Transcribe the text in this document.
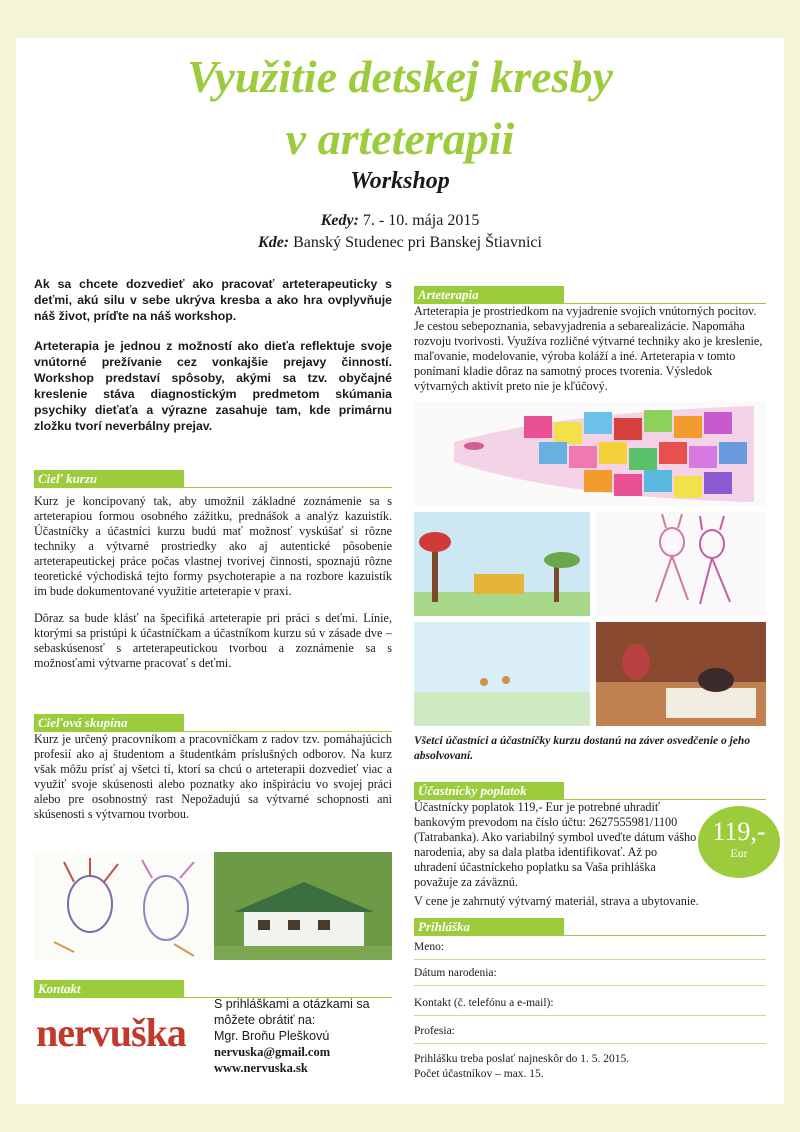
Využitie detskej kresby
v arteterapii
Workshop
Kedy: 7. - 10. mája 2015
Kde: Banský Studenec pri Banskej Štiavnici

Ak sa chcete dozvedieť ako pracovať arteterapeuticky s deťmi, akú silu v sebe ukrýva kresba a ako hra ovplyvňuje náš život, príďte na náš workshop.

Arteterapia je jednou z možností ako dieťa reflektuje svoje vnútorné prežívanie cez vonkajšie prejavy činností. Workshop predstaví spôsoby, akými sa tzv. obyčajné kreslenie stáva diagnostickým predmetom skúmania psychiky dieťaťa a výrazne zasahuje tam, kde primárnu zložku tvorí neverbálny prejav.

Cieľ kurzu

Kurz je koncipovaný tak, aby umožnil základné zoznámenie sa s arteterapiou formou osobného zážitku, prednášok a analýz kazuistík. Účastníčky a účastníci kurzu budú mať možnosť vyskúšať si rôzne techniky a výtvarné prostriedky ako aj autentické pôsobenie arteterapeutickej práce počas vlastnej tvorivej činnosti, spoznajú rôzne teoretické východiská tejto formy psychoterapie a na rozbore kazuistík im bude dokumentované využitie arteterapie v praxi.

Dôraz sa bude klásť na špecifiká arteterapie pri práci s deťmi. Línie, ktorými sa pristúpi k účastníčkam a účastníkom kurzu sú v zásade dve – sebaskúsenosť s arteterapeutickou tvorbou a zoznámenie sa s možnosťami výtvarne pracovať s deťmi.

Cieľová skupina

Kurz je určený pracovníkom a pracovníčkam z radov tzv. pomáhajúcich profesií ako aj študentom a študentkám príslušných odborov. Na kurz však môžu prísť aj všetci tí, ktorí sa chcú o arteterapii dozvedieť viac a využiť svoje skúsenosti alebo poznatky ako inšpiráciu vo svojej práci alebo pre osobnostný rast Nepožadujú sa výtvarné schopnosti ani skúsenosti s výtvarnou tvorbou.

Kontakt
nervuška
S prihláškami a otázkami sa
môžete obrátiť na:
Mgr. Broňu Pleškovú
nervuska@gmail.com
www.nervuska.sk
Arteterapia

Arteterapia je prostriedkom na vyjadrenie svojich vnútorných pocitov. Je cestou sebepoznania, sebavyjadrenia a sebarealizácie. Napomáha rozvoju tvorivosti. Využíva rozličné výtvarné techniky ako je kreslenie, maľovanie, modelovanie, výroba koláží a iné. Arteterapia v tomto ponímaní kladie dôraz na samotný proces tvorenia. Výsledok výtvarných aktivít preto nie je kľúčový.

Všetci účastníci a účastníčky kurzu dostanú na záver osvedčenie o jeho absolvovaní.

Účastnícky poplatok

Účastnícky poplatok 119,- Eur je potrebné uhradiť bankovým prevodom na číslo účtu: 2627555981/1100 (Tatrabanka). Ako variabilný symbol uveďte dátum vášho narodenia, aby sa dala platba identifikovať. Až po uhradení účastníckeho poplatku sa Vaša prihláška považuje za záväznú.

V cene je zahrnutý výtvarný materiál, strava a ubytovanie.
119,-
Eur
Prihláška
Meno:
Dátum narodenia:
Kontakt (č. telefónu a e-mail):
Profesia:
Prihlášku treba poslať najneskôr do 1. 5. 2015.
Počet účastníkov – max. 15.
